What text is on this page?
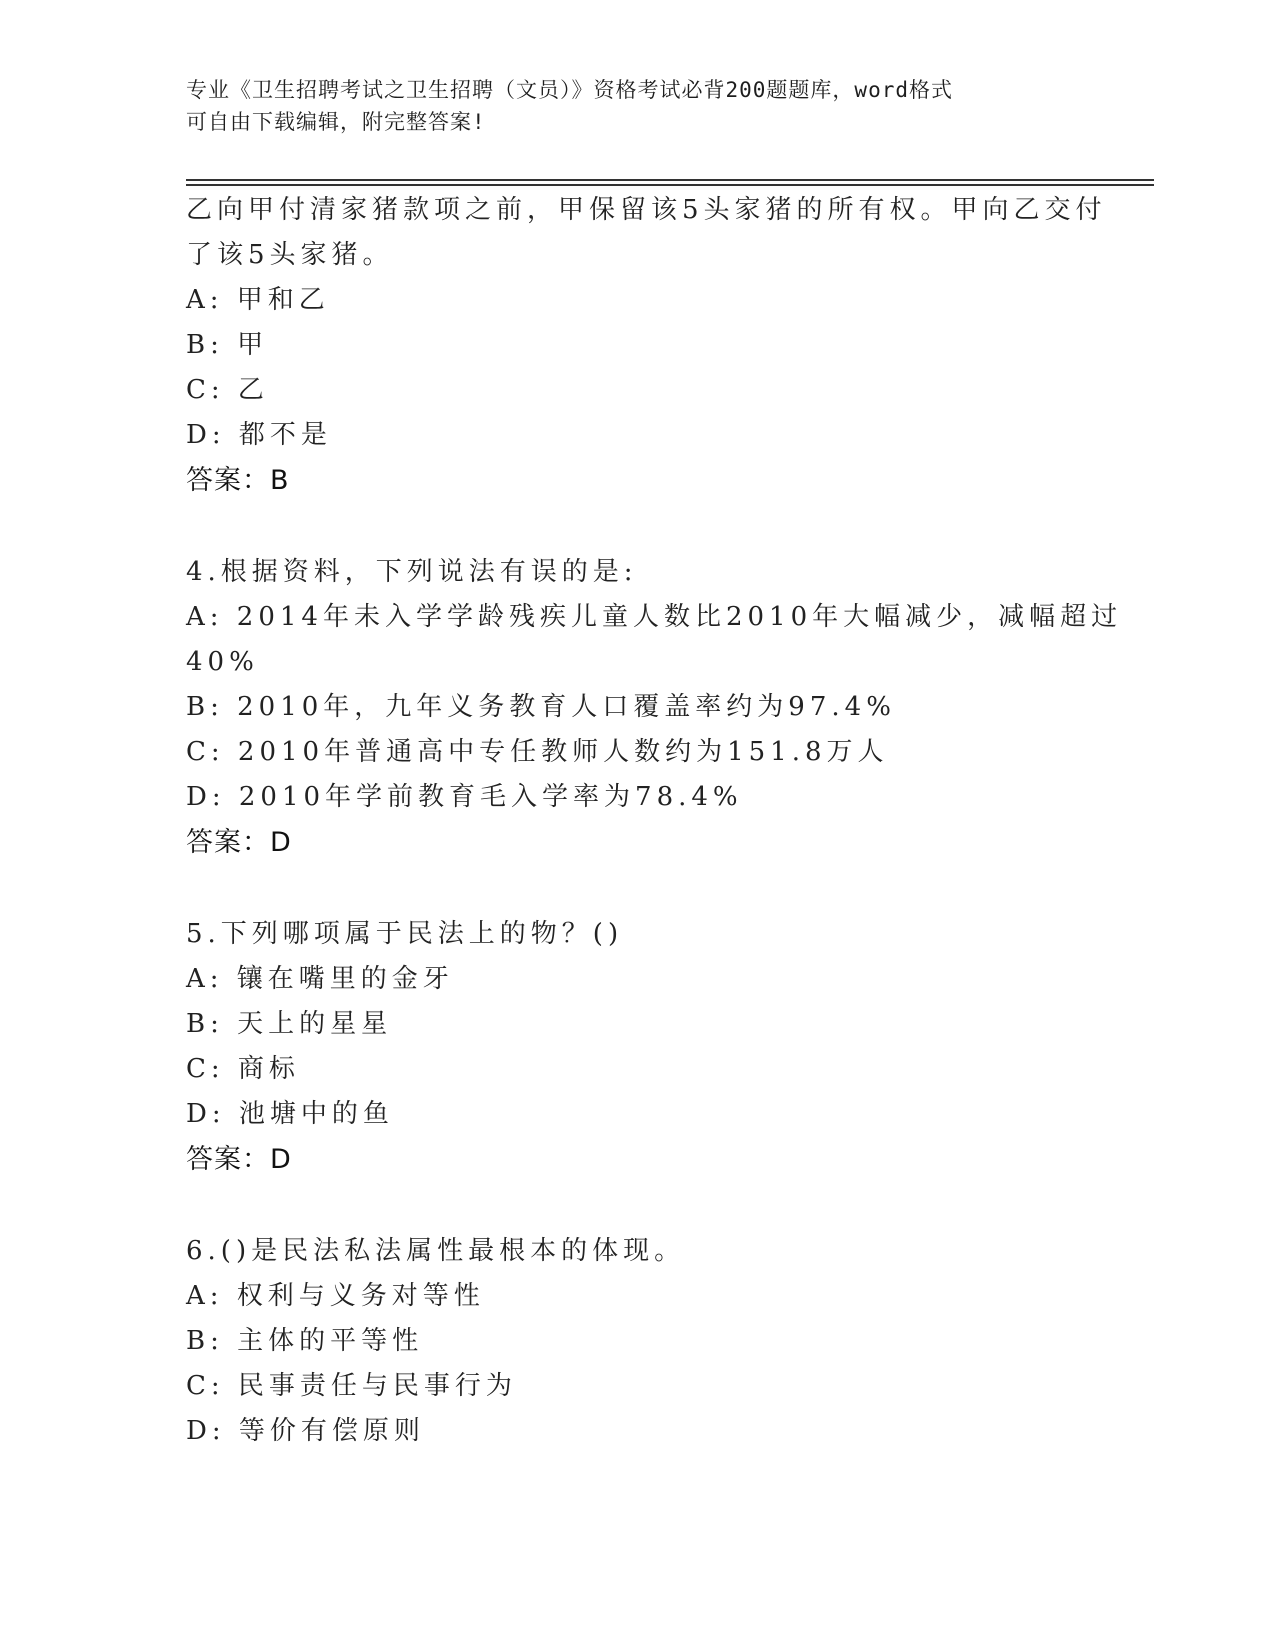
专业《卫生招聘考试之卫生招聘（文员）》资格考试必背200题题库，word格式
可自由下载编辑，附完整答案!
乙向甲付清家猪款项之前，甲保留该5头家猪的所有权。甲向乙交付
了该5头家猪。
A: 甲和乙
B: 甲
C: 乙
D: 都不是
答案：B
4.根据资料，下列说法有误的是:
A: 2014年未入学学龄残疾儿童人数比2010年大幅减少，减幅超过
40%
B: 2010年，九年义务教育人口覆盖率约为97.4%
C: 2010年普通高中专任教师人数约为151.8万人
D: 2010年学前教育毛入学率为78.4%
答案：D
5.下列哪项属于民法上的物？()
A: 镶在嘴里的金牙
B: 天上的星星
C: 商标
D: 池塘中的鱼
答案：D
6.()是民法私法属性最根本的体现。
A: 权利与义务对等性
B: 主体的平等性
C: 民事责任与民事行为
D: 等价有偿原则
